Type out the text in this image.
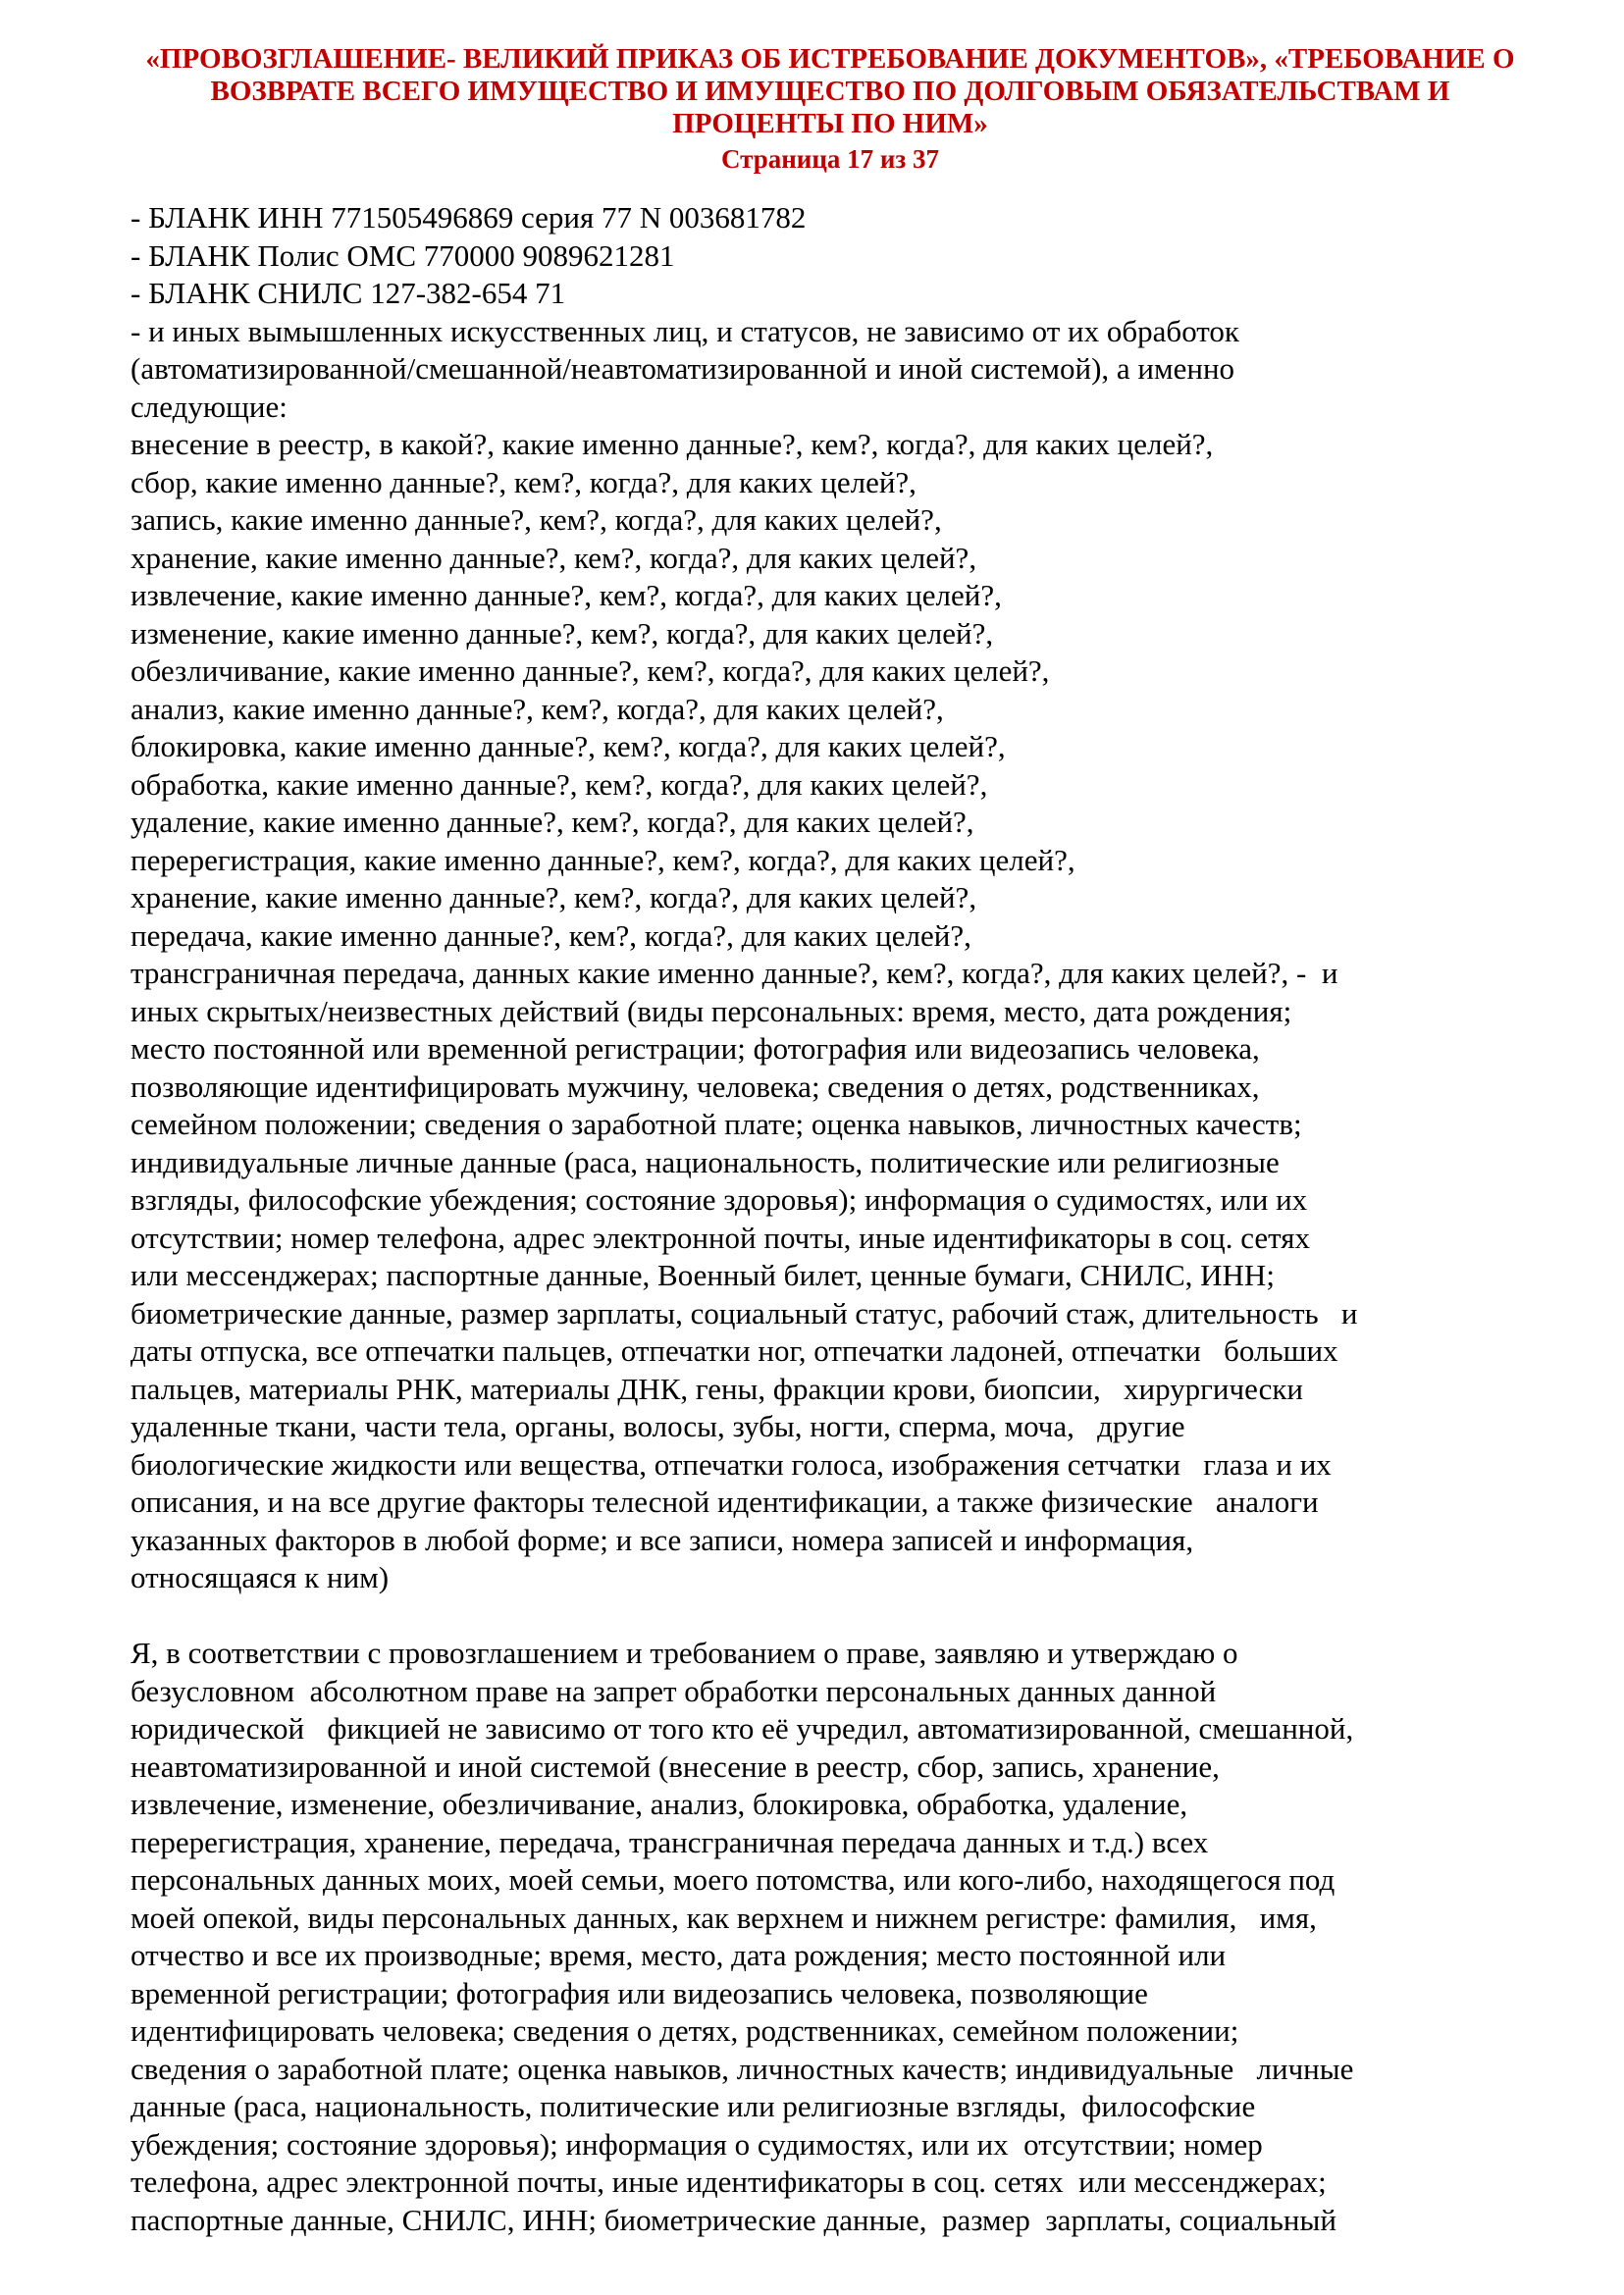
«ПРОВОЗГЛАШЕНИЕ- ВЕЛИКИЙ ПРИКАЗ ОБ ИСТРЕБОВАНИЕ ДОКУМЕНТОВ», «ТРЕБОВАНИЕ О
ВОЗВРАТЕ ВСЕГО ИМУЩЕСТВО И ИМУЩЕСТВО ПО ДОЛГОВЫМ ОБЯЗАТЕЛЬСТВАМ И
ПРОЦЕНТЫ ПО НИМ»
Страница 17 из 37
- БЛАНК ИНН 771505496869 серия 77 N 003681782
- БЛАНК Полис ОМС 770000 9089621281
- БЛАНК СНИЛС 127-382-654 71
- и иных вымышленных искусственных лиц, и статусов, не зависимо от их обработок
(автоматизированной/смешанной/неавтоматизированной и иной системой), а именно
следующие:
внесение в реестр, в какой?, какие именно данные?, кем?, когда?, для каких целей?,
сбор, какие именно данные?, кем?, когда?, для каких целей?,
запись, какие именно данные?, кем?, когда?, для каких целей?,
хранение, какие именно данные?, кем?, когда?, для каких целей?,
извлечение, какие именно данные?, кем?, когда?, для каких целей?,
изменение, какие именно данные?, кем?, когда?, для каких целей?,
обезличивание, какие именно данные?, кем?, когда?, для каких целей?,
анализ, какие именно данные?, кем?, когда?, для каких целей?,
блокировка, какие именно данные?, кем?, когда?, для каких целей?,
обработка, какие именно данные?, кем?, когда?, для каких целей?,
удаление, какие именно данные?, кем?, когда?, для каких целей?,
перерегистрация, какие именно данные?, кем?, когда?, для каких целей?,
хранение, какие именно данные?, кем?, когда?, для каких целей?,
передача, какие именно данные?, кем?, когда?, для каких целей?,
трансграничная передача, данных какие именно данные?, кем?, когда?, для каких целей?, -  и
иных скрытых/неизвестных действий (виды персональных: время, место, дата рождения;
место постоянной или временной регистрации; фотография или видеозапись человека,
позволяющие идентифицировать мужчину, человека; сведения о детях, родственниках,
семейном положении; сведения о заработной плате; оценка навыков, личностных качеств;
индивидуальные личные данные (раса, национальность, политические или религиозные
взгляды, философские убеждения; состояние здоровья); информация о судимостях, или их
отсутствии; номер телефона, адрес электронной почты, иные идентификаторы в соц. сетях
или мессенджерах; паспортные данные, Военный билет, ценные бумаги, СНИЛС, ИНН;
биометрические данные, размер зарплаты, социальный статус, рабочий стаж, длительность   и
даты отпуска, все отпечатки пальцев, отпечатки ног, отпечатки ладоней, отпечатки   больших
пальцев, материалы РНК, материалы ДНК, гены, фракции крови, биопсии,   хирургически
удаленные ткани, части тела, органы, волосы, зубы, ногти, сперма, моча,   другие
биологические жидкости или вещества, отпечатки голоса, изображения сетчатки   глаза и их
описания, и на все другие факторы телесной идентификации, а также физические   аналоги
указанных факторов в любой форме; и все записи, номера записей и информация,
относящаяся к ним)

Я, в соответствии с провозглашением и требованием о праве, заявляю и утверждаю о
безусловном  абсолютном праве на запрет обработки персональных данных данной
юридической   фикцией не зависимо от того кто её учредил, автоматизированной, смешанной,
неавтоматизированной и иной системой (внесение в реестр, сбор, запись, хранение,
извлечение, изменение, обезличивание, анализ, блокировка, обработка, удаление,
перерегистрация, хранение, передача, трансграничная передача данных и т.д.) всех
персональных данных моих, моей семьи, моего потомства, или кого-либо, находящегося под
моей опекой, виды персональных данных, как верхнем и нижнем регистре: фамилия,   имя,
отчество и все их производные; время, место, дата рождения; место постоянной или
временной регистрации; фотография или видеозапись человека, позволяющие
идентифицировать человека; сведения о детях, родственниках, семейном положении;
сведения о заработной плате; оценка навыков, личностных качеств; индивидуальные   личные
данные (раса, национальность, политические или религиозные взгляды,  философские
убеждения; состояние здоровья); информация о судимостях, или их  отсутствии; номер
телефона, адрес электронной почты, иные идентификаторы в соц. сетях  или мессенджерах;
паспортные данные, СНИЛС, ИНН; биометрические данные,  размер  зарплаты, социальный
